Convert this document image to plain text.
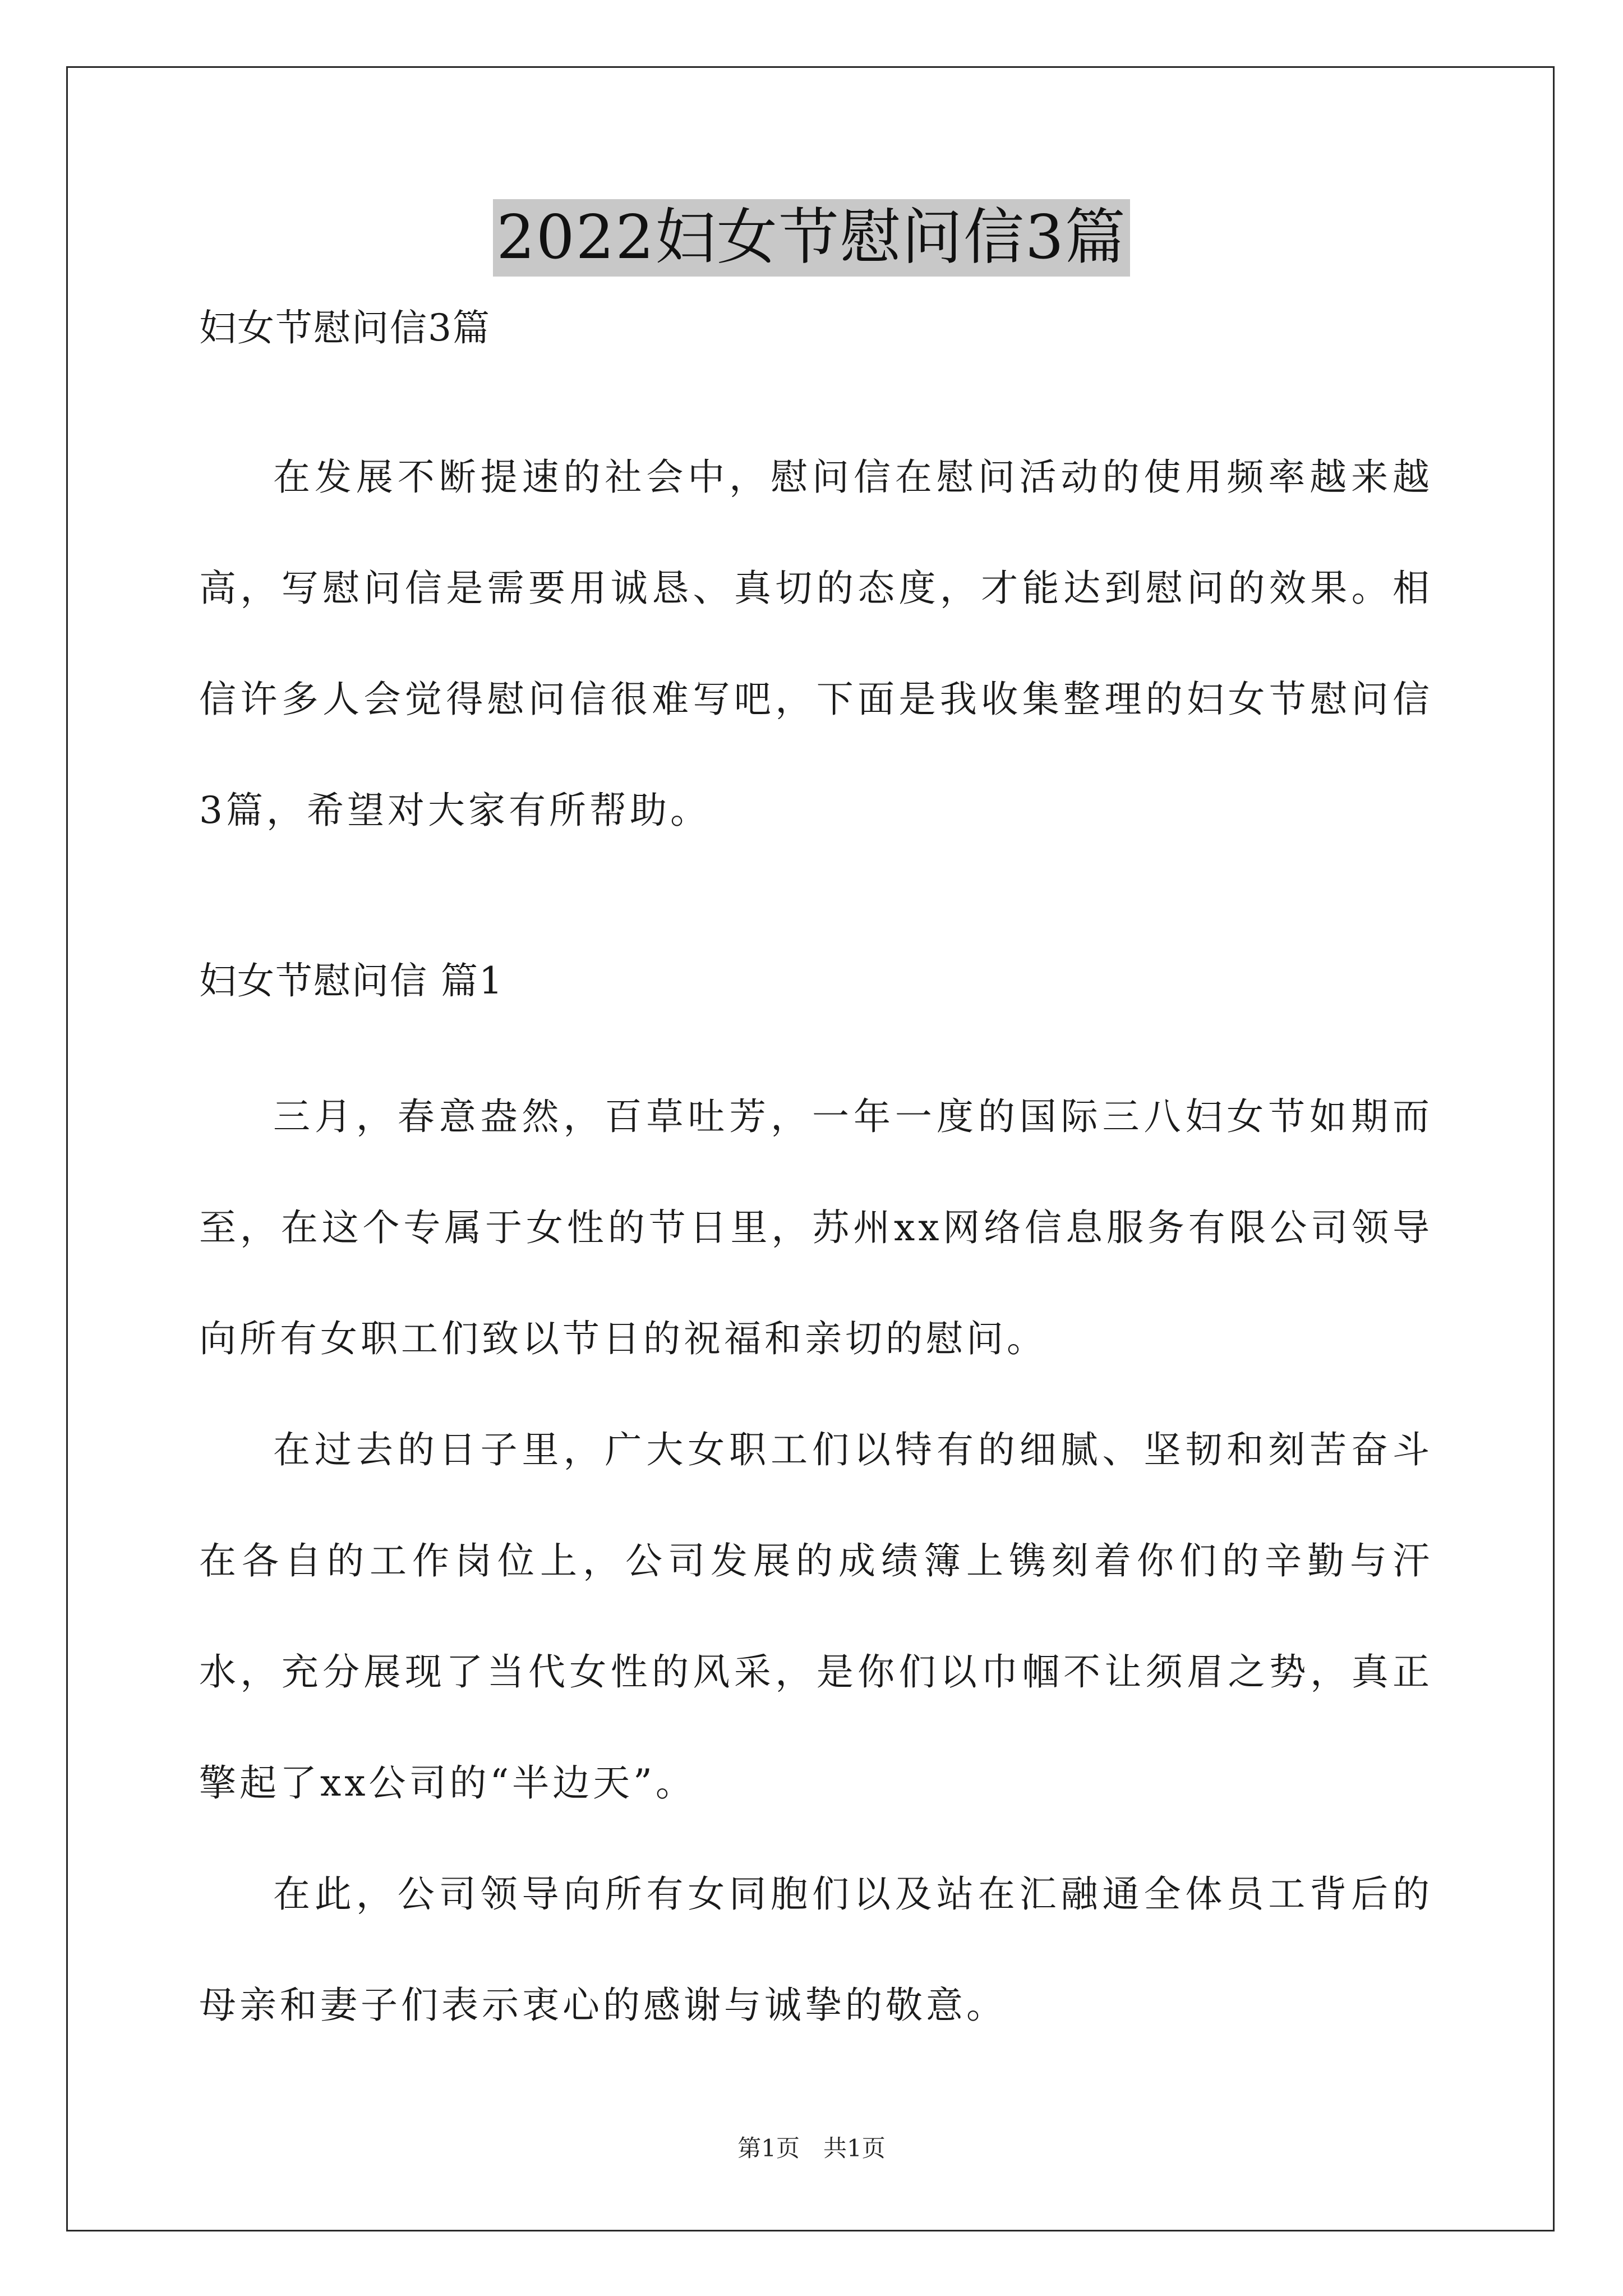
2022妇女节慰问信3篇
妇女节慰问信3篇

在发展不断提速的社会中，慰问信在慰问活动的使用频率越来越高，写慰问信是需要用诚恳、真切的态度，才能达到慰问的效果。相信许多人会觉得慰问信很难写吧，下面是我收集整理的妇女节慰问信3篇，希望对大家有所帮助。

妇女节慰问信 篇1

三月，春意盎然，百草吐芳，一年一度的国际三八妇女节如期而至，在这个专属于女性的节日里，苏州xx网络信息服务有限公司领导向所有女职工们致以节日的祝福和亲切的慰问。

在过去的日子里，广大女职工们以特有的细腻、坚韧和刻苦奋斗在各自的工作岗位上，公司发展的成绩簿上镌刻着你们的辛勤与汗水，充分展现了当代女性的风采，是你们以巾帼不让须眉之势，真正擎起了xx公司的“半边天”。

在此，公司领导向所有女同胞们以及站在汇融通全体员工背后的母亲和妻子们表示衷心的感谢与诚挚的敬意。

第1页　共1页
